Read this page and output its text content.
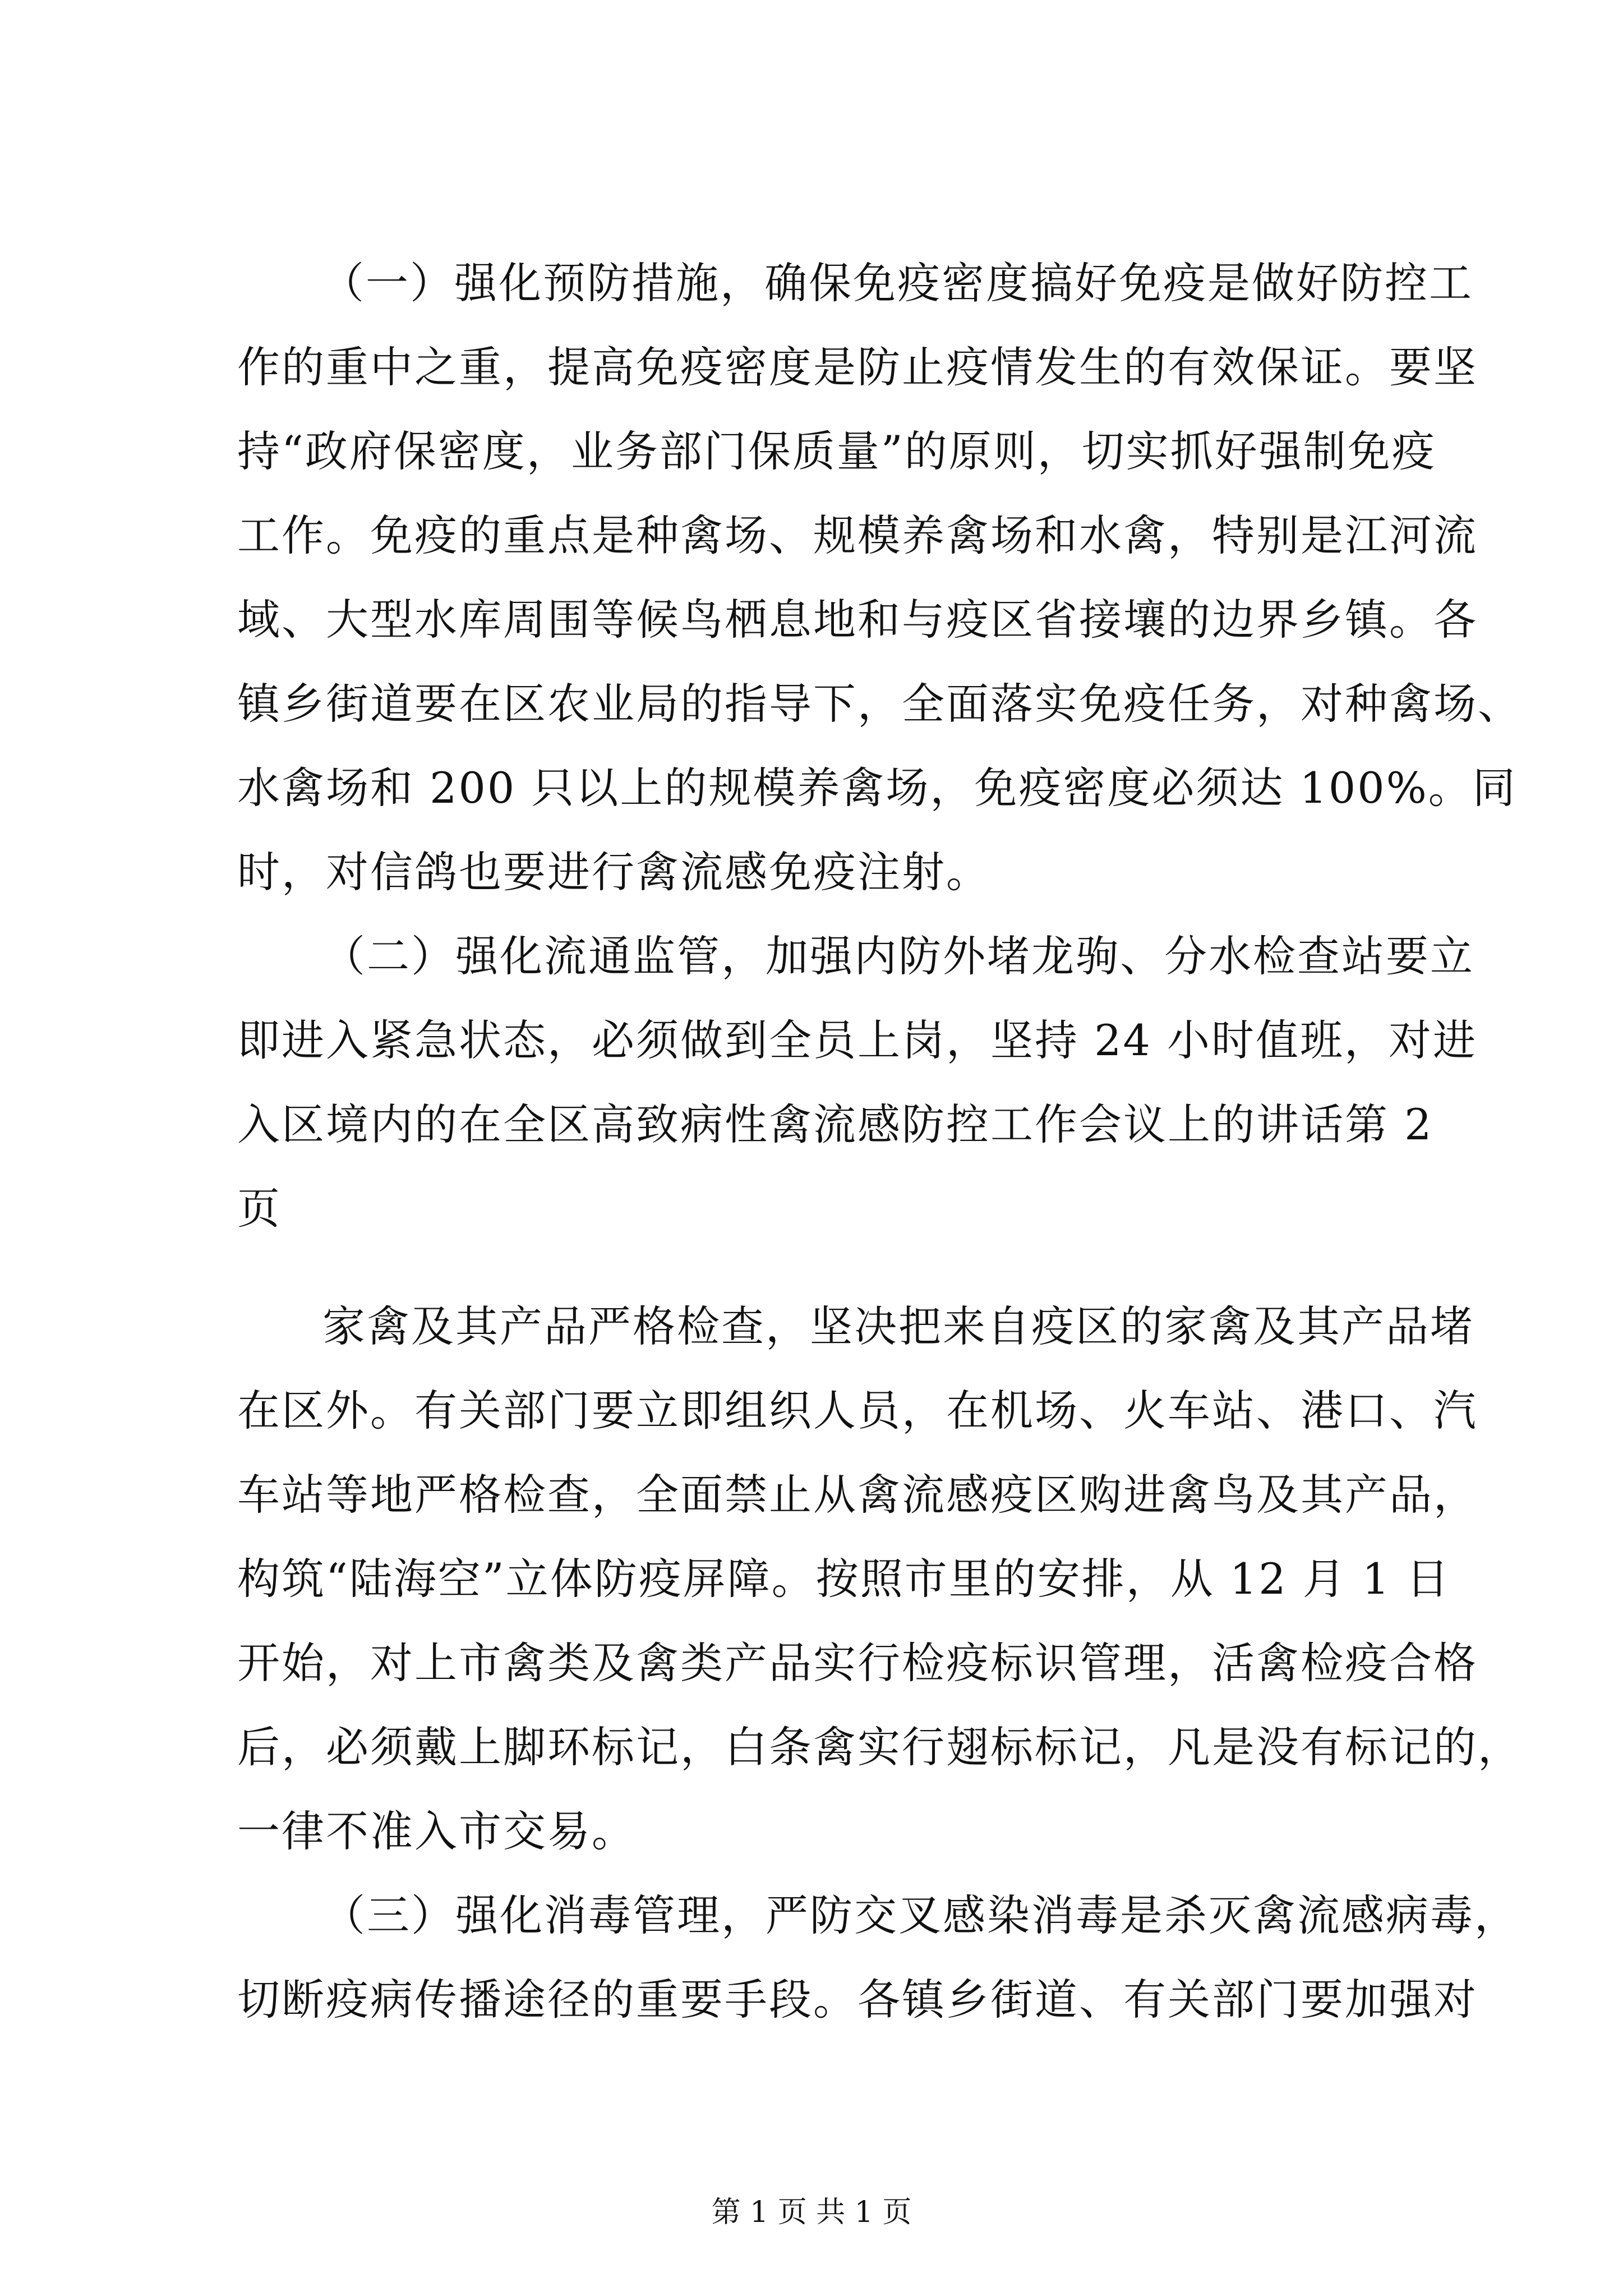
（一）强化预防措施，确保免疫密度搞好免疫是做好防控工
作的重中之重，提高免疫密度是防止疫情发生的有效保证。要坚
持“政府保密度，业务部门保质量”的原则，切实抓好强制免疫
工作。免疫的重点是种禽场、规模养禽场和水禽，特别是江河流
域、大型水库周围等候鸟栖息地和与疫区省接壤的边界乡镇。各
镇乡街道要在区农业局的指导下，全面落实免疫任务，对种禽场、
水禽场和 200 只以上的规模养禽场，免疫密度必须达 100%。同
时，对信鸽也要进行禽流感免疫注射。
（二）强化流通监管，加强内防外堵龙驹、分水检查站要立
即进入紧急状态，必须做到全员上岗，坚持 24 小时值班，对进
入区境内的在全区高致病性禽流感防控工作会议上的讲话第 2
页
家禽及其产品严格检查，坚决把来自疫区的家禽及其产品堵
在区外。有关部门要立即组织人员，在机场、火车站、港口、汽
车站等地严格检查，全面禁止从禽流感疫区购进禽鸟及其产品，
构筑“陆海空”立体防疫屏障。按照市里的安排，从 12 月 1 日
开始，对上市禽类及禽类产品实行检疫标识管理，活禽检疫合格
后，必须戴上脚环标记，白条禽实行翅标标记，凡是没有标记的，
一律不准入市交易。
（三）强化消毒管理，严防交叉感染消毒是杀灭禽流感病毒，
切断疫病传播途径的重要手段。各镇乡街道、有关部门要加强对
第 1 页 共 1 页
